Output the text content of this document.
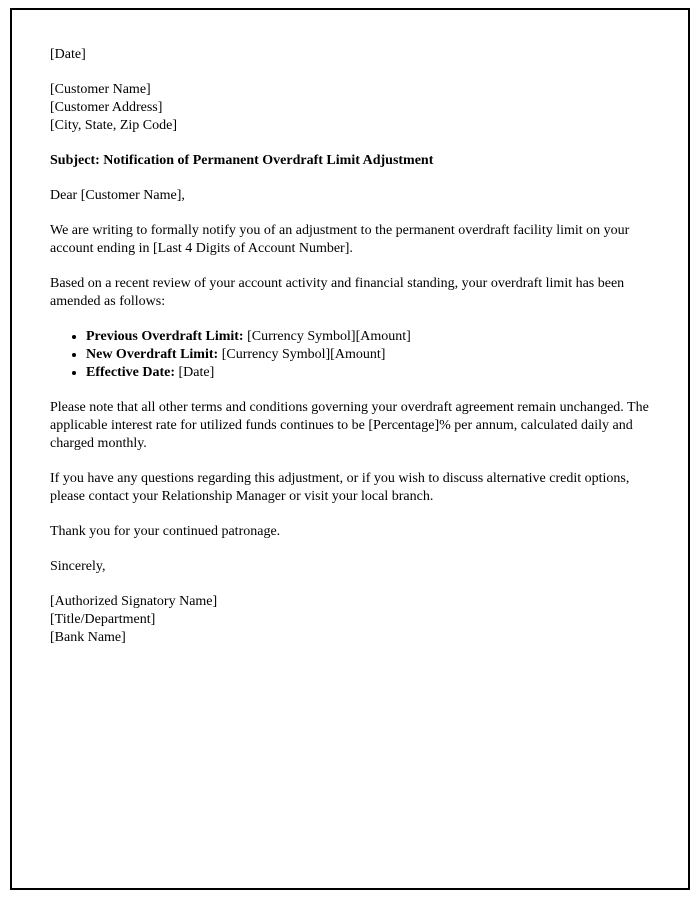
[Date]
[Customer Name]
[Customer Address]
[City, State, Zip Code]
Subject: Notification of Permanent Overdraft Limit Adjustment

Dear [Customer Name],

We are writing to formally notify you of an adjustment to the permanent overdraft facility limit on your account ending in [Last 4 Digits of Account Number].

Based on a recent review of your account activity and financial standing, your overdraft limit has been amended as follows:

• Previous Overdraft Limit: [Currency Symbol][Amount]
• New Overdraft Limit: [Currency Symbol][Amount]
• Effective Date: [Date]

Please note that all other terms and conditions governing your overdraft agreement remain unchanged. The applicable interest rate for utilized funds continues to be [Percentage]% per annum, calculated daily and charged monthly.

If you have any questions regarding this adjustment, or if you wish to discuss alternative credit options, please contact your Relationship Manager or visit your local branch.

Thank you for your continued patronage.

Sincerely,

[Authorized Signatory Name]
[Title/Department]
[Bank Name]
